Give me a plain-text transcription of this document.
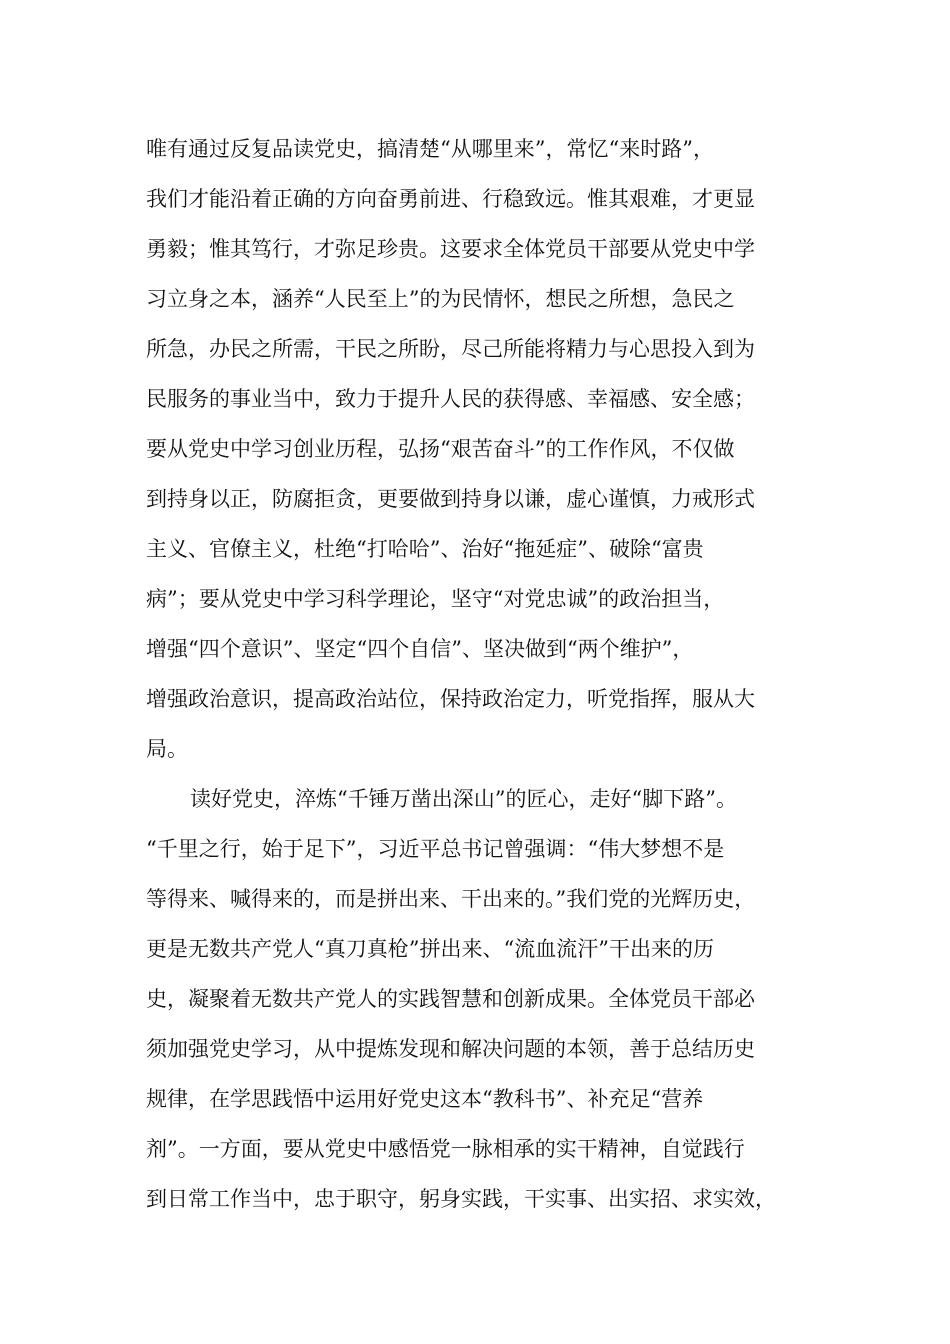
唯有通过反复品读党史，搞清楚“从哪里来”，常忆“来时路”，
我们才能沿着正确的方向奋勇前进、行稳致远。惟其艰难，才更显
勇毅；惟其笃行，才弥足珍贵。这要求全体党员干部要从党史中学
习立身之本，涵养“人民至上”的为民情怀，想民之所想，急民之
所急，办民之所需，干民之所盼，尽己所能将精力与心思投入到为
民服务的事业当中，致力于提升人民的获得感、幸福感、安全感；
要从党史中学习创业历程，弘扬“艰苦奋斗”的工作作风，不仅做
到持身以正，防腐拒贪，更要做到持身以谦，虚心谨慎，力戒形式
主义、官僚主义，杜绝“打哈哈”、治好“拖延症”、破除“富贵
病”；要从党史中学习科学理论，坚守“对党忠诚”的政治担当，
增强“四个意识”、坚定“四个自信”、坚决做到“两个维护”，
增强政治意识，提高政治站位，保持政治定力，听党指挥，服从大
局。
读好党史，淬炼“千锤万凿出深山”的匠心，走好“脚下路”。
“千里之行，始于足下”，习近平总书记曾强调：“伟大梦想不是
等得来、喊得来的，而是拼出来、干出来的。”我们党的光辉历史，
更是无数共产党人“真刀真枪”拼出来、“流血流汗”干出来的历
史，凝聚着无数共产党人的实践智慧和创新成果。全体党员干部必
须加强党史学习，从中提炼发现和解决问题的本领，善于总结历史
规律，在学思践悟中运用好党史这本“教科书”、补充足“营养
剂”。一方面，要从党史中感悟党一脉相承的实干精神，自觉践行
到日常工作当中，忠于职守，躬身实践，干实事、出实招、求实效，
